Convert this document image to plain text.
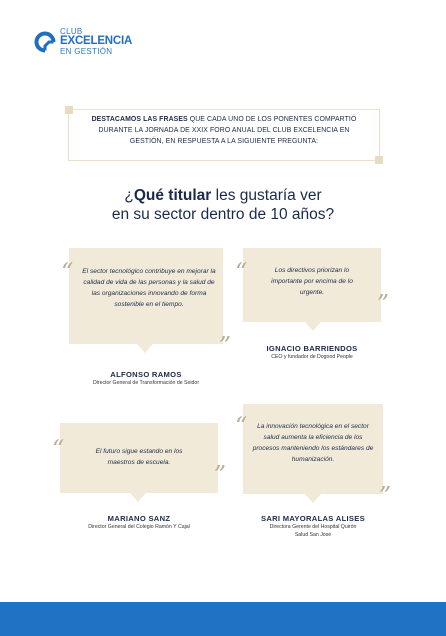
CLUB
EXCELENCIA
EN GESTIÓN
DESTACAMOS LAS FRASES QUE CADA UNO DE LOS PONENTES COMPARTIÓ DURANTE LA JORNADA DE XXIX FORO ANUAL DEL CLUB EXCELENCIA EN GESTIÓN, EN RESPUESTA A LA SIGUIENTE PREGUNTA:
¿Qué titular les gustaría ver
en su sector dentro de 10 años?
“ El sector tecnológico contribuye en mejorar la calidad de vida de las personas y la salud de las organizaciones innovando de forma sostenible en el tiempo.
”
ALFONSO RAMOS
Director General de Transformación de Seidor
“	Los directivos priorizan lo importante por encima de lo urgente.	”
IGNACIO BARRIENDOS
CEO y fundador de Dogood People
“	El futuro sigue estando en los maestros de escuela.	”
MARIANO SANZ
Director General del Colegio Ramón Y Cajal
“	La innovación tecnológica en el sector salud aumenta la eficiencia de los procesos manteniendo los estándares de humanización.
”
SARI MAYORALAS ALISES
Directora Gerente del Hospital Quirón
Salud San José
